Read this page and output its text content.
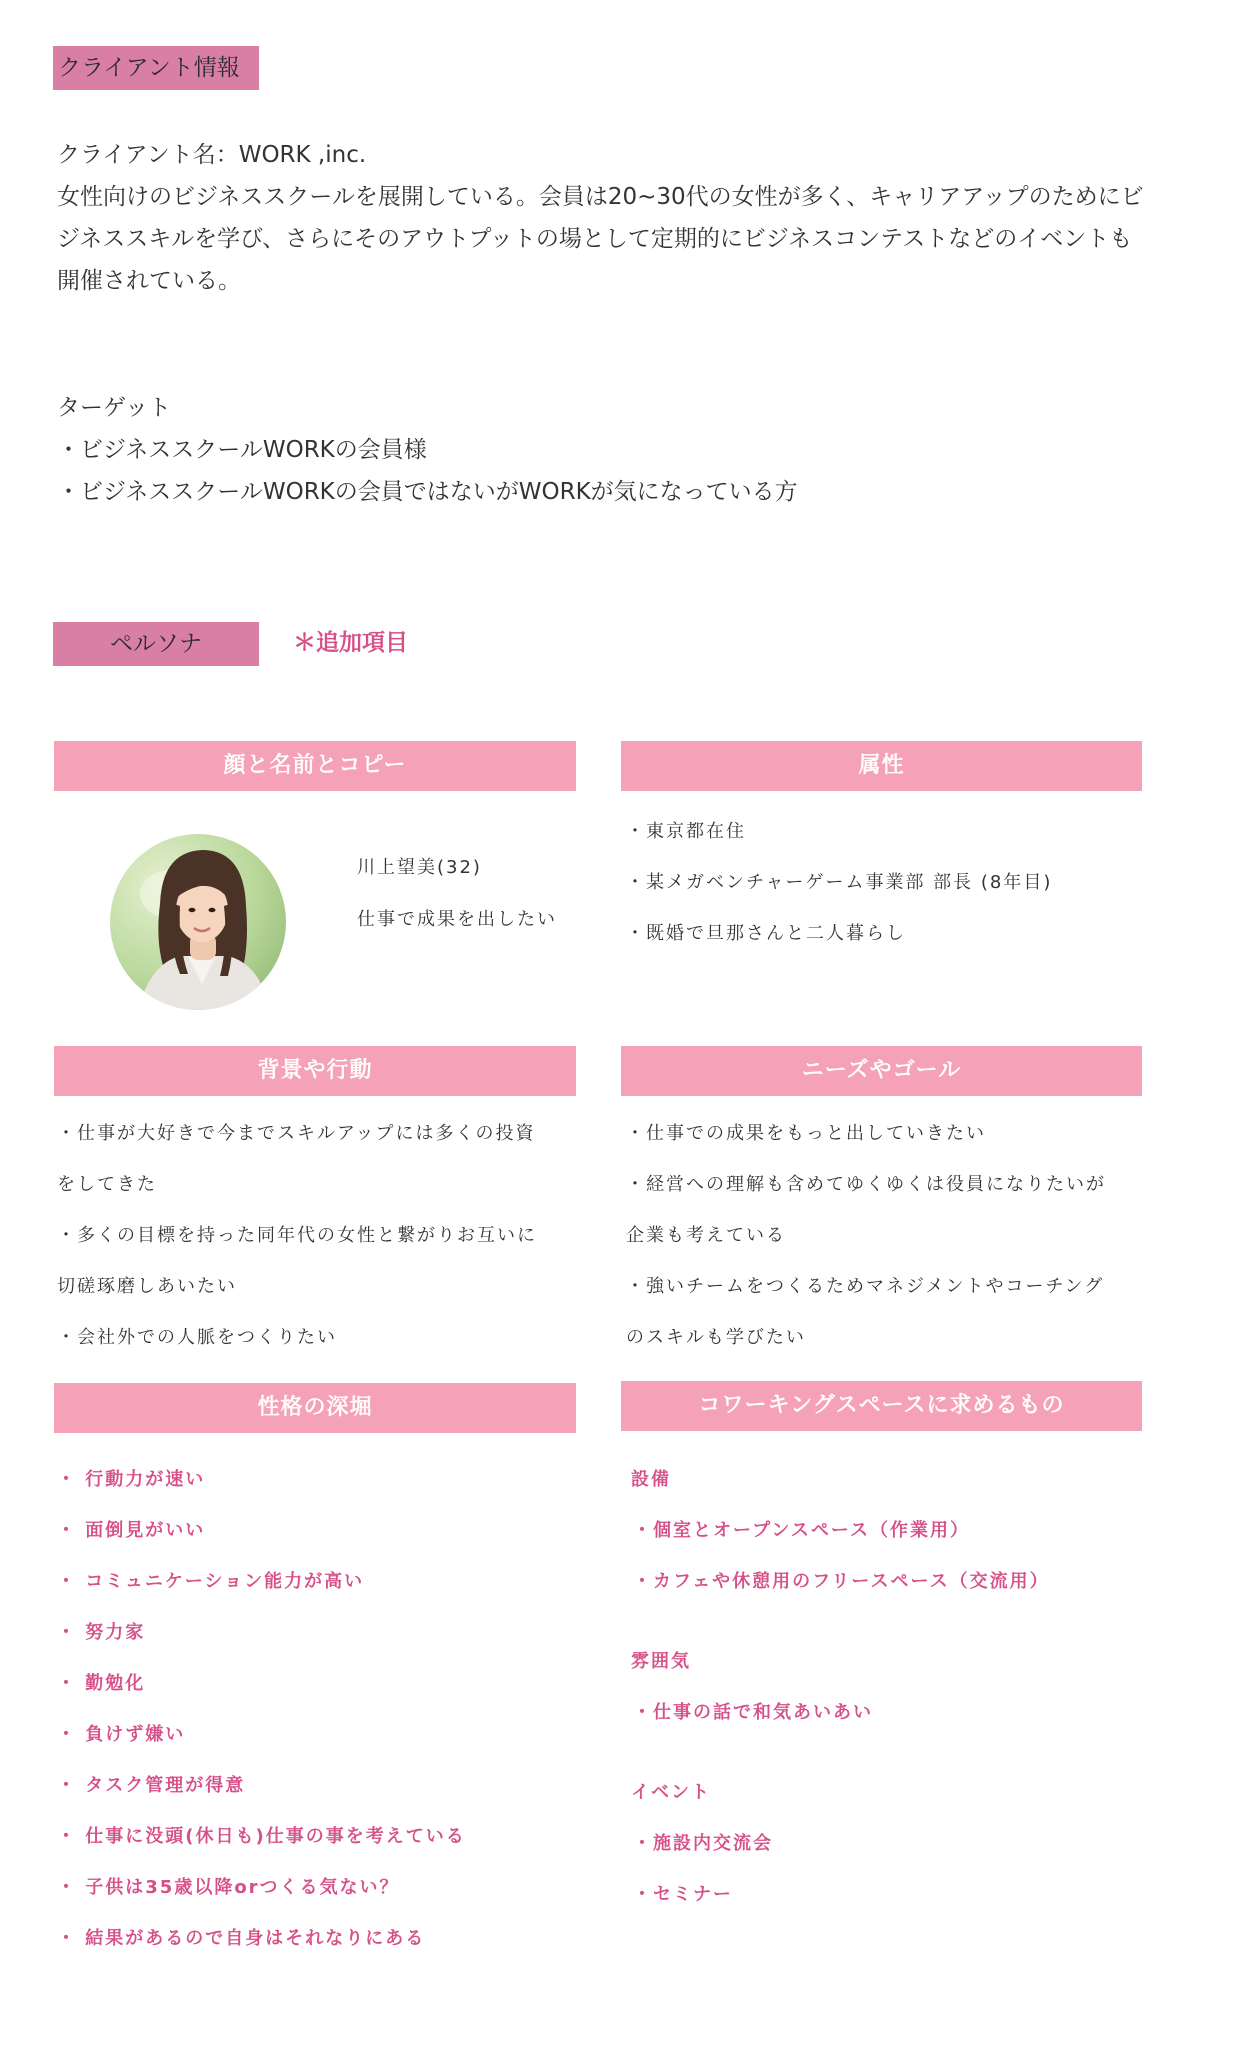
クライアント情報

クライアント名：WORK ,inc.

女性向けのビジネススクールを展開している。会員は20~30代の女性が多く、キャリアアップのためにビ

ジネススキルを学び、さらにそのアウトプットの場として定期的にビジネスコンテストなどのイベントも

開催されている。

ターゲット

・ビジネススクールWORKの会員様

・ビジネススクールWORKの会員ではないがWORKが気になっている方

ペルソナ	＊追加項目
顔と名前とコピー
川上望美(32)
仕事で成果を出したい
属性
・東京都在住
・某メガベンチャーゲーム事業部 部長 (8年目)
・既婚で旦那さんと二人暮らし
背景や行動
・仕事が大好きで今までスキルアップには多くの投資
をしてきた
・多くの目標を持った同年代の女性と繋がりお互いに
切磋琢磨しあいたい
・会社外での人脈をつくりたい
ニーズやゴール
・仕事での成果をもっと出していきたい
・経営への理解も含めてゆくゆくは役員になりたいが
企業も考えている
・強いチームをつくるためマネジメントやコーチング
のスキルも学びたい
性格の深堀
・ 行動力が速い
・ 面倒見がいい
・ コミュニケーション能力が高い
・ 努力家
・ 勤勉化
・ 負けず嫌い
・ タスク管理が得意
・ 仕事に没頭(休日も)仕事の事を考えている
・ 子供は35歳以降orつくる気ない？
・ 結果があるので自身はそれなりにある
コワーキングスペースに求めるもの
設備
・個室とオープンスペース（作業用）
・カフェや休憩用のフリースペース（交流用）
雰囲気
・仕事の話で和気あいあい
イベント
・施設内交流会
・セミナー
